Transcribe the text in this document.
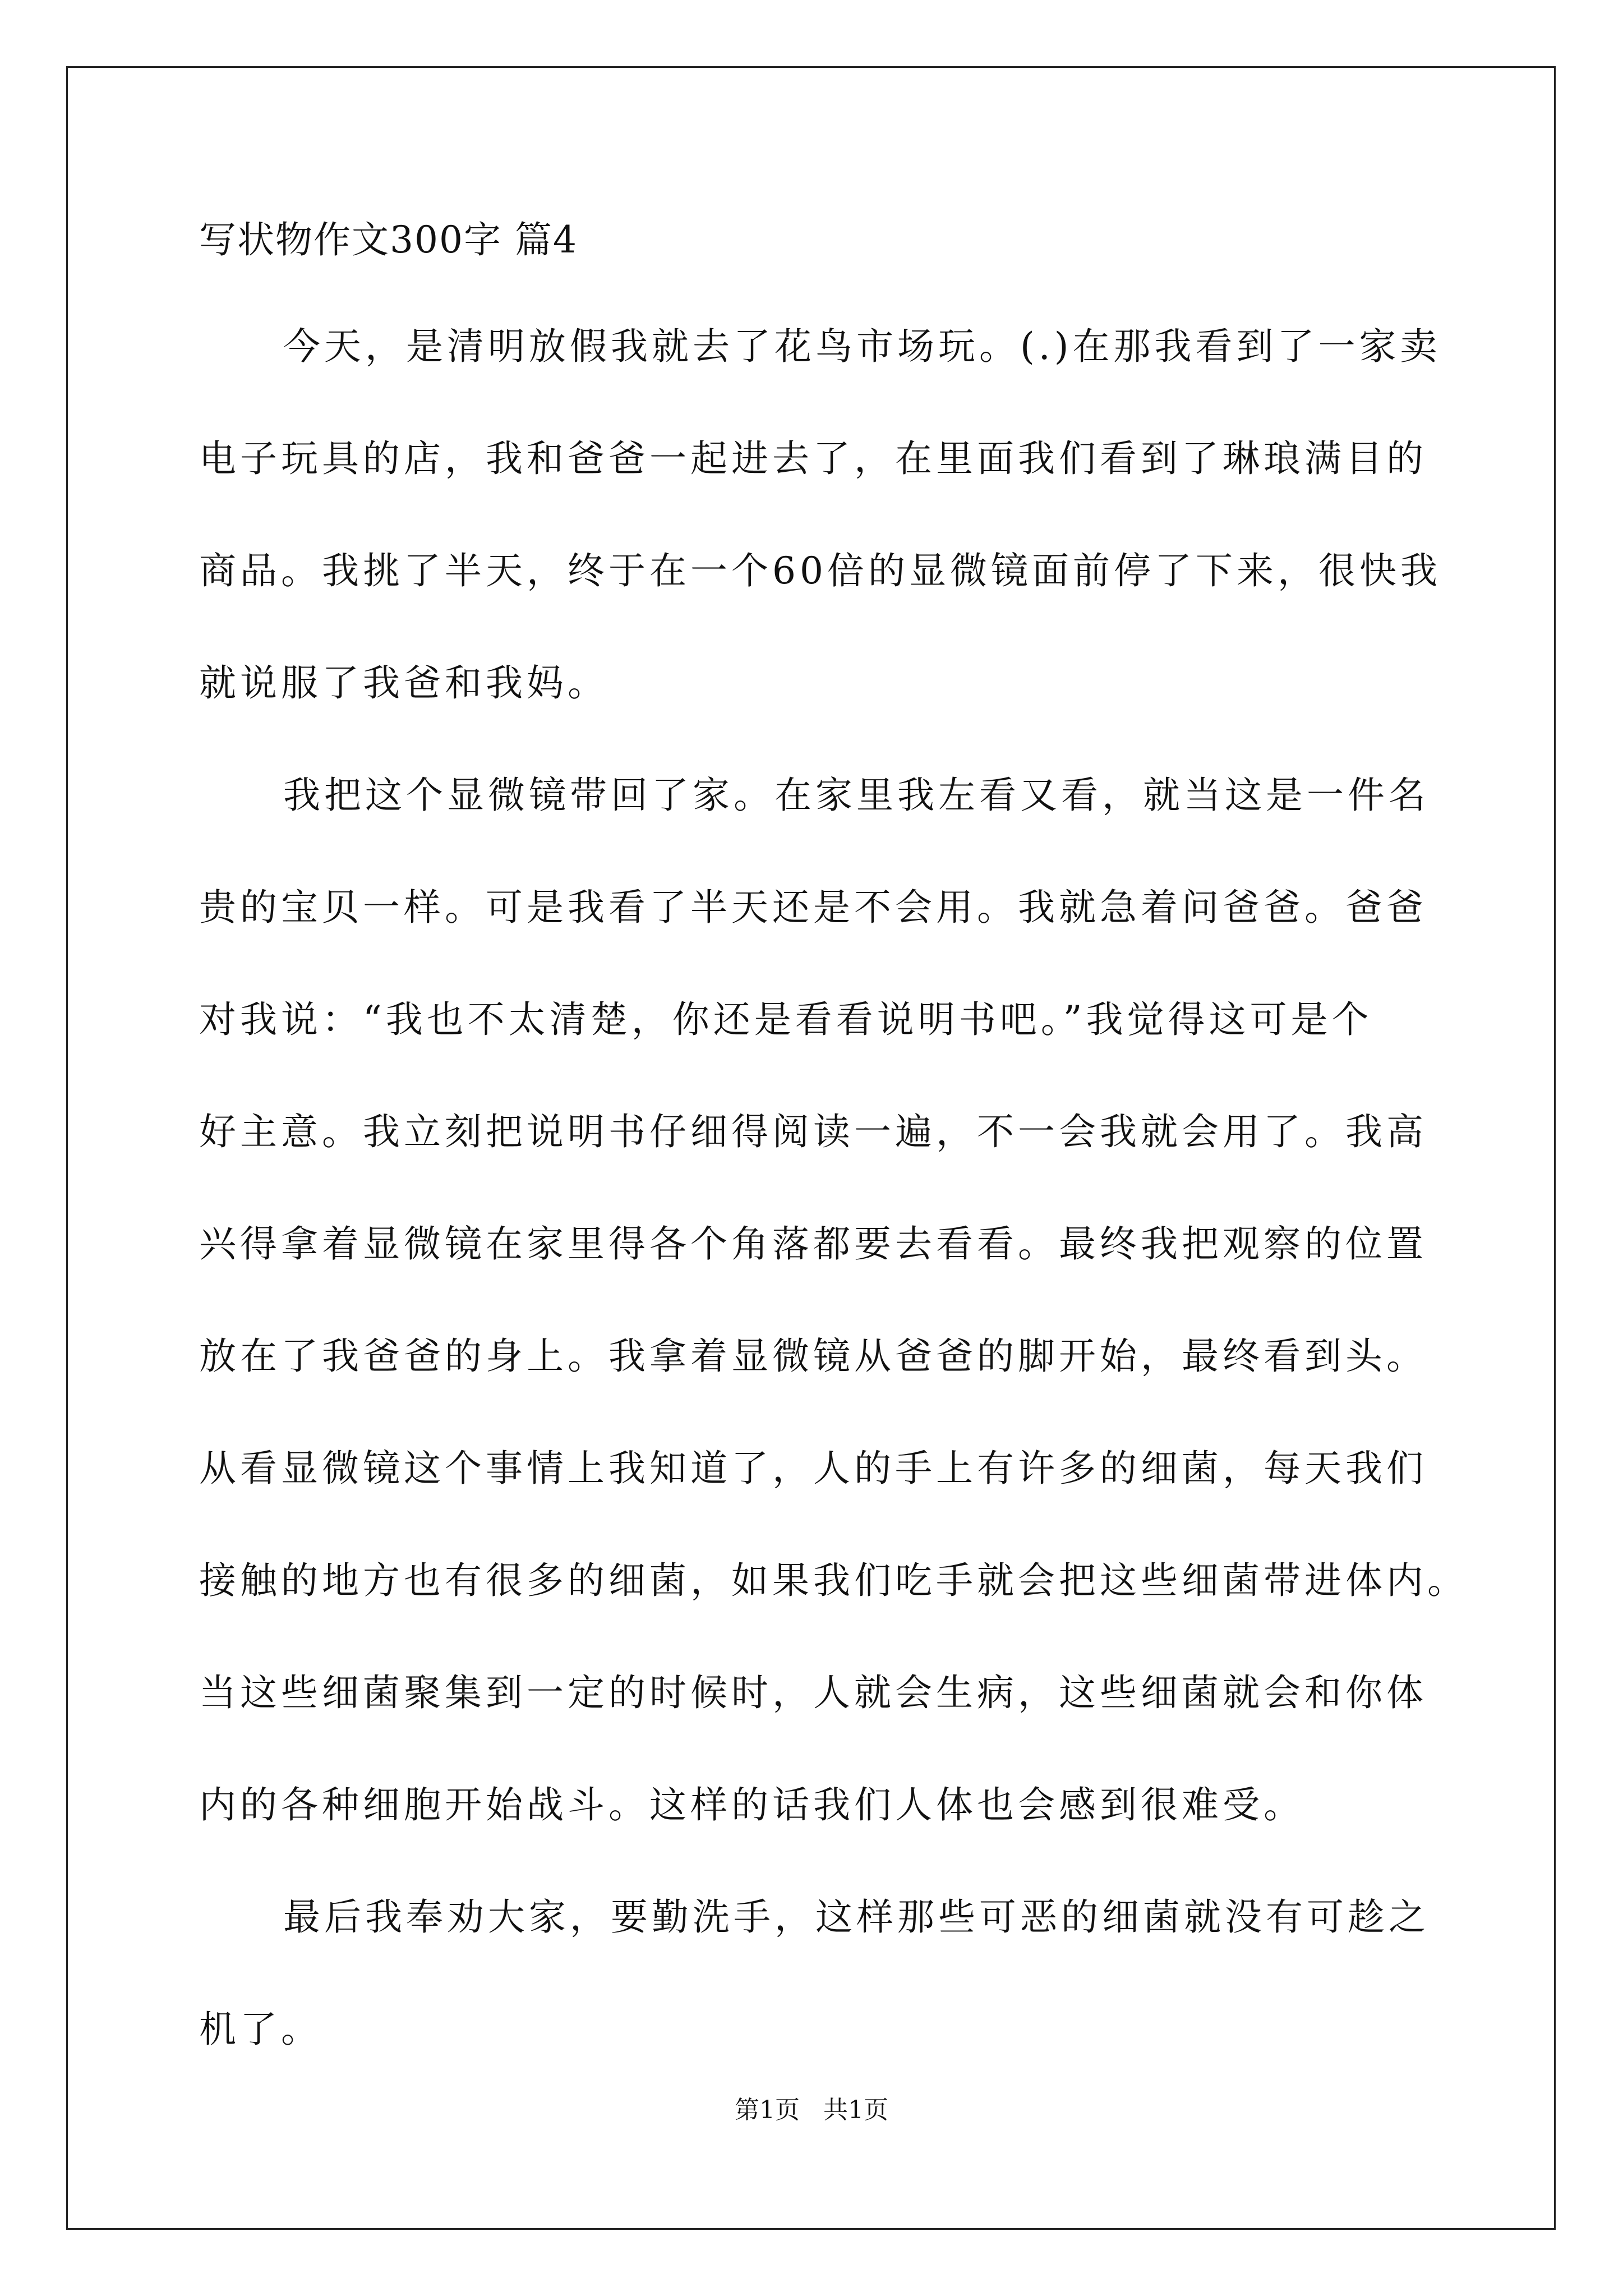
写状物作文300字 篇4
今天，是清明放假我就去了花鸟市场玩。(.)在那我看到了一家卖
电子玩具的店，我和爸爸一起进去了，在里面我们看到了琳琅满目的
商品。我挑了半天，终于在一个60倍的显微镜面前停了下来，很快我
就说服了我爸和我妈。
我把这个显微镜带回了家。在家里我左看又看，就当这是一件名
贵的宝贝一样。可是我看了半天还是不会用。我就急着问爸爸。爸爸
对我说：“我也不太清楚，你还是看看说明书吧。”我觉得这可是个
好主意。我立刻把说明书仔细得阅读一遍，不一会我就会用了。我高
兴得拿着显微镜在家里得各个角落都要去看看。最终我把观察的位置
放在了我爸爸的身上。我拿着显微镜从爸爸的脚开始，最终看到头。
从看显微镜这个事情上我知道了，人的手上有许多的细菌，每天我们
接触的地方也有很多的细菌，如果我们吃手就会把这些细菌带进体内。
当这些细菌聚集到一定的时候时，人就会生病，这些细菌就会和你体
内的各种细胞开始战斗。这样的话我们人体也会感到很难受。
最后我奉劝大家，要勤洗手，这样那些可恶的细菌就没有可趁之
机了。
第1页   共1页
